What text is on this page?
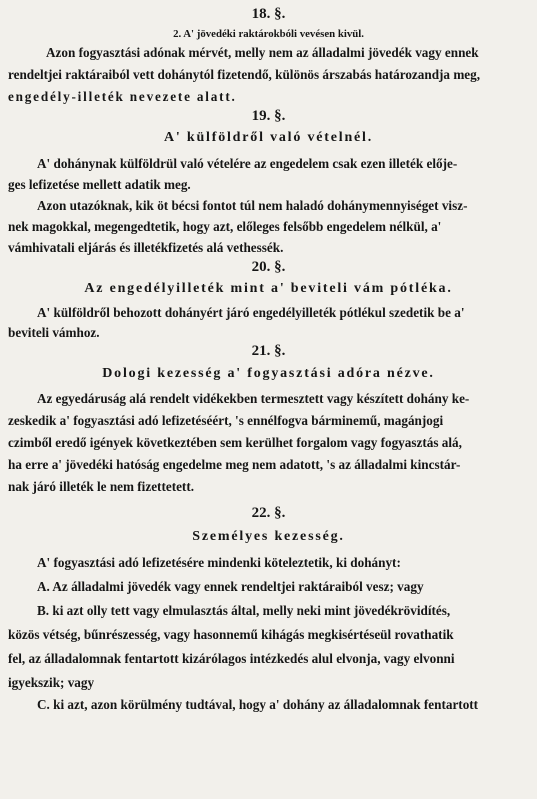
18. §.
2. A' jövedéki raktárokbóli vevésen kivül.
Azon fogyasztási adónak mérvét, melly nem az álladalmi jövedék vagy ennek
rendeltjei raktáraiból vett dohánytól fizetendő, különös árszabás határozandja meg,
engedély-illeték nevezete alatt.
19. §.
A' külföldről való vételnél.
A' dohánynak külföldrül való vételére az engedelem csak ezen illeték elője-
ges lefizetése mellett adatik meg.
Azon utazóknak, kik öt bécsi fontot túl nem haladó dohánymennyiséget visz-
nek magokkal, megengedtetik, hogy azt, előleges felsőbb engedelem nélkül, a'
vámhivatali eljárás és illetékfizetés alá vethessék.
20. §.
Az engedélyilleték mint a' beviteli vám pótléka.
A' külföldről behozott dohányért járó engedélyilleték pótlékul szedetik be a'
beviteli vámhoz.
21. §.
Dologi kezesség a' fogyasztási adóra nézve.
Az egyedáruság alá rendelt vidékekben termesztett vagy készített dohány ke-
zeskedik a' fogyasztási adó lefizetéséért, 's ennélfogva bárminemű, magánjogi
czimből eredő igények következtében sem kerülhet forgalom vagy fogyasztás alá,
ha erre a' jövedéki hatóság engedelme meg nem adatott, 's az álladalmi kincstár-
nak járó illeték le nem fizettetett.
22. §.
Személyes kezesség.
A' fogyasztási adó lefizetésére mindenki köteleztetik, ki dohányt:
A. Az álladalmi jövedék vagy ennek rendeltjei raktáraiból vesz; vagy
B. ki azt olly tett vagy elmulasztás által, melly neki mint jövedékrövidítés,
közös vétség, bűnrészesség, vagy hasonnemű kihágás megkisértéseül rovathatik
fel, az álladalomnak fentartott kizárólagos intézkedés alul elvonja, vagy elvonni
igyekszik; vagy
C. ki azt, azon körülmény tudtával, hogy a' dohány az álladalomnak fentartott
